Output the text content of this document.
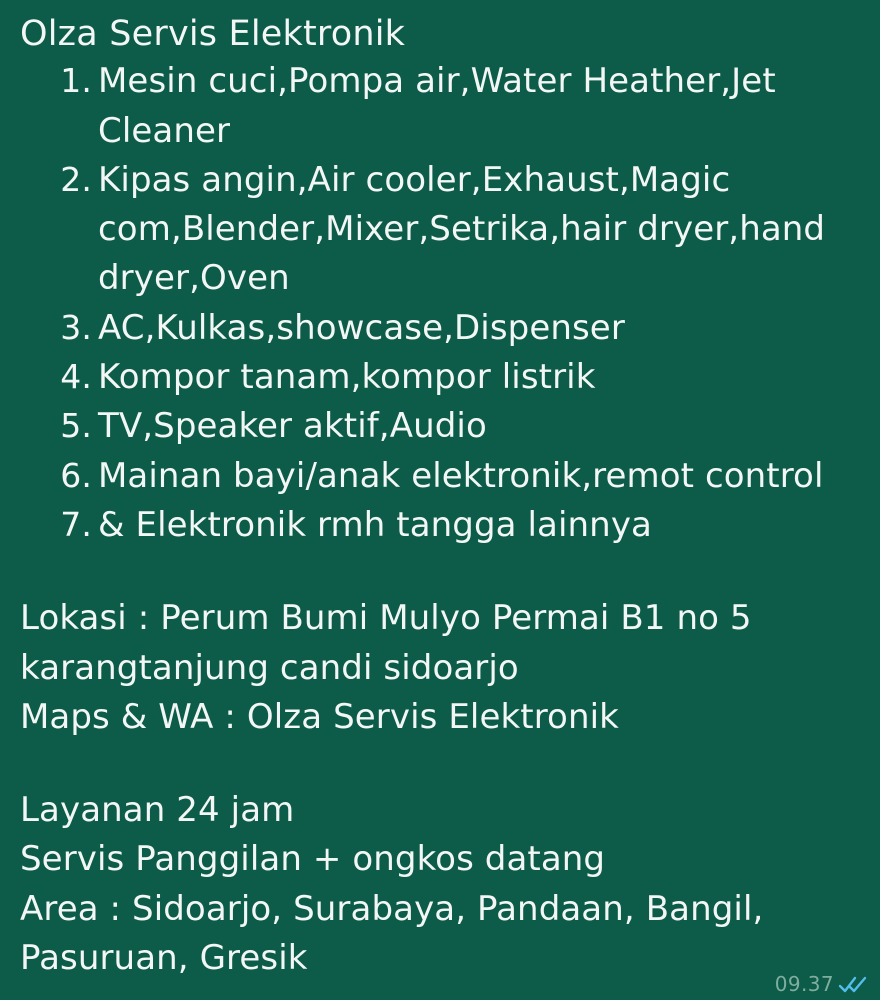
Olza Servis Elektronik
Mesin cuci,Pompa air,Water Heather,Jet Cleaner
Kipas angin,Air cooler,Exhaust,Magic com,Blender,Mixer,Setrika,hair dryer,hand dryer,Oven
AC,Kulkas,showcase,Dispenser
Kompor tanam,kompor listrik
TV,Speaker aktif,Audio
Mainan bayi/anak elektronik,remot control
& Elektronik rmh tangga lainnya

Lokasi : Perum Bumi Mulyo Permai B1 no 5 karangtanjung candi sidoarjo

Maps & WA : Olza Servis Elektronik

Layanan 24 jam

Servis Panggilan + ongkos datang

Area : Sidoarjo, Surabaya, Pandaan, Bangil, Pasuruan, Gresik

09.37
